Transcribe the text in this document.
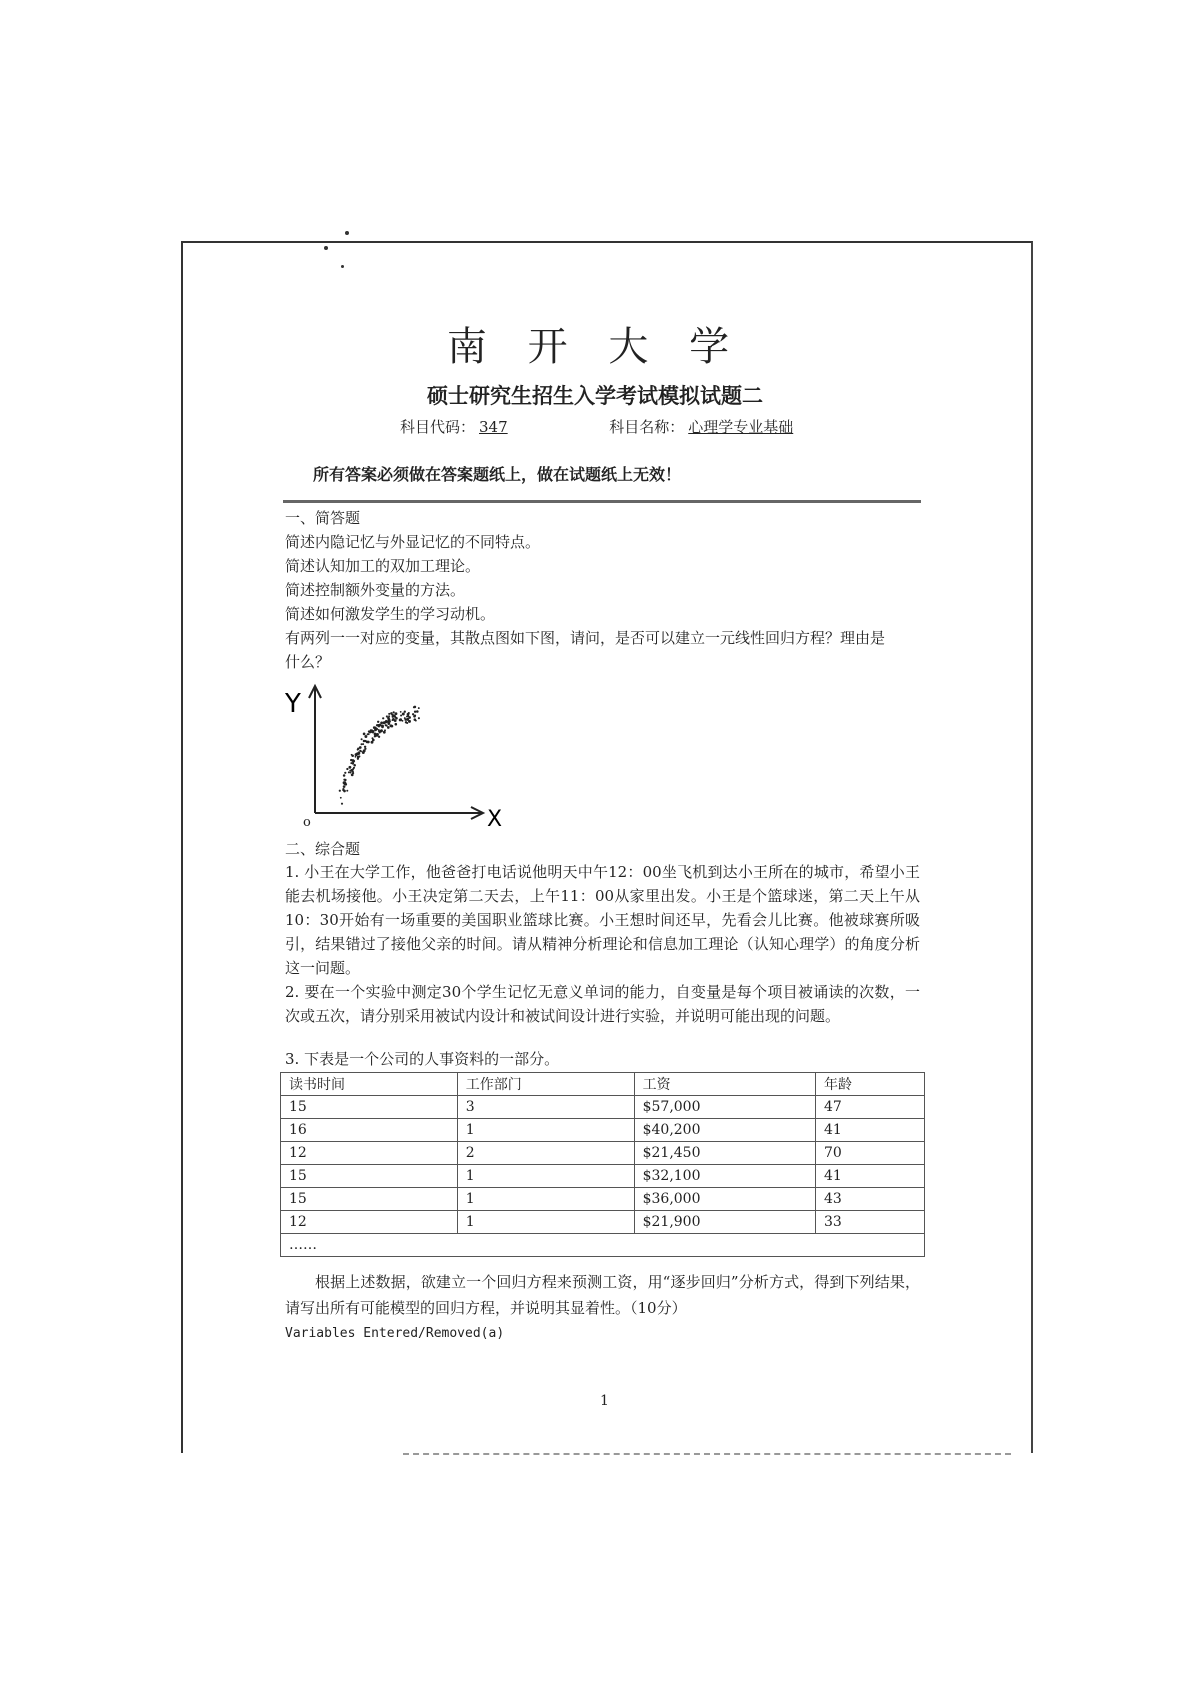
南 开 大 学
硕士研究生招生入学考试模拟试题二
科目代码： 347	科目名称： 心理学专业基础
所有答案必须做在答案题纸上，做在试题纸上无效！
一、简答题
简述内隐记忆与外显记忆的不同特点。
简述认知加工的双加工理论。
简述控制额外变量的方法。
简述如何激发学生的学习动机。
有两列一一对应的变量，其散点图如下图，请问，是否可以建立一元线性回归方程？理由是
什么？
Y
X
o
二、综合题
1. 小王在大学工作，他爸爸打电话说他明天中午12：00坐飞机到达小王所在的城市，希望小王能去机场接他。小王决定第二天去，上午11：00从家里出发。小王是个篮球迷，第二天上午从10：30开始有一场重要的美国职业篮球比赛。小王想时间还早，先看会儿比赛。他被球赛所吸引，结果错过了接他父亲的时间。请从精神分析理论和信息加工理论（认知心理学）的角度分析这一问题。
2. 要在一个实验中测定30个学生记忆无意义单词的能力，自变量是每个项目被诵读的次数，一次或五次，请分别采用被试内设计和被试间设计进行实验，并说明可能出现的问题。
3. 下表是一个公司的人事资料的一部分。
读书时间	工作部门	工资	年龄
15	3	$57,000	47
16	1	$40,200	41
12	2	$21,450	70
15	1	$32,100	41
15	1	$36,000	43
12	1	$21,900	33
……			
根据上述数据，欲建立一个回归方程来预测工资，用“逐步回归”分析方式，得到下列结果，请写出所有可能模型的回归方程，并说明其显着性。（10分）
Variables Entered/Removed(a)
1
